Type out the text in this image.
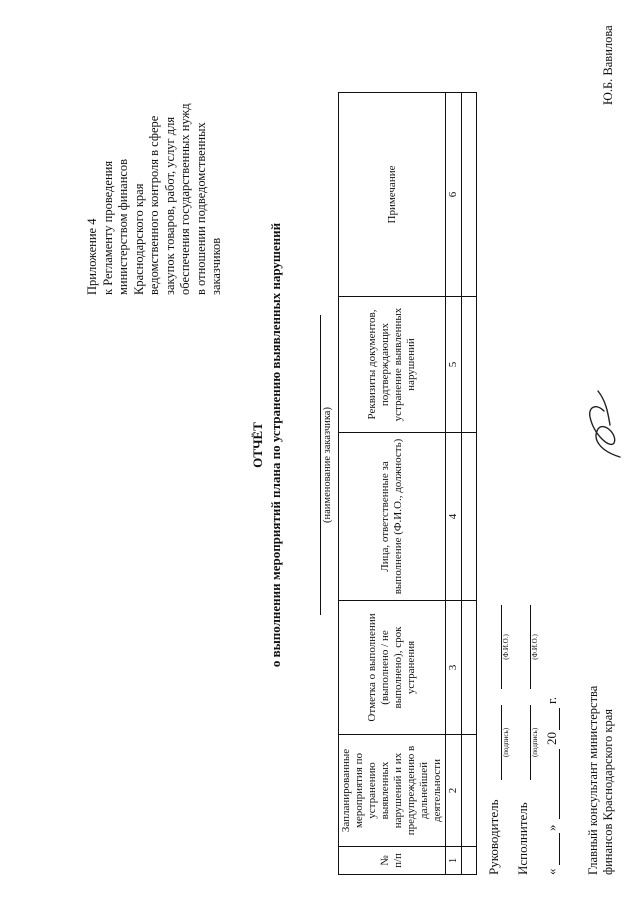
Приложение 4 к Регламенту проведения министерством финансов Краснодарского края ведомственного контроля в сфере закупок товаров, работ, услуг для обеспечения государственных нужд в отношении подведомственных заказчиков
ОТЧЁТ о выполнении мероприятий плана по устранению выявленных нарушений	(наименование заказчика)
№ п/п	Запланированные мероприятия по устранению выявленных нарушений и их предупреждению в дальнейшей деятельности	Отметка о выполнении (выполнено / не выполнено), срок устранения	Лица, ответственные за выполнение (Ф.И.О., должность)	Реквизиты документов, подтверждающих устранение выявленных нарушений	Примечание
1	2	3	4	5	6

Руководитель
(подпись)
(Ф.И.О.)
Исполнитель
(подпись)
(Ф.И.О.)
«
»
20
г. Главный консультант министерства финансов Краснодарского края
Ю.Б. Вавилова
